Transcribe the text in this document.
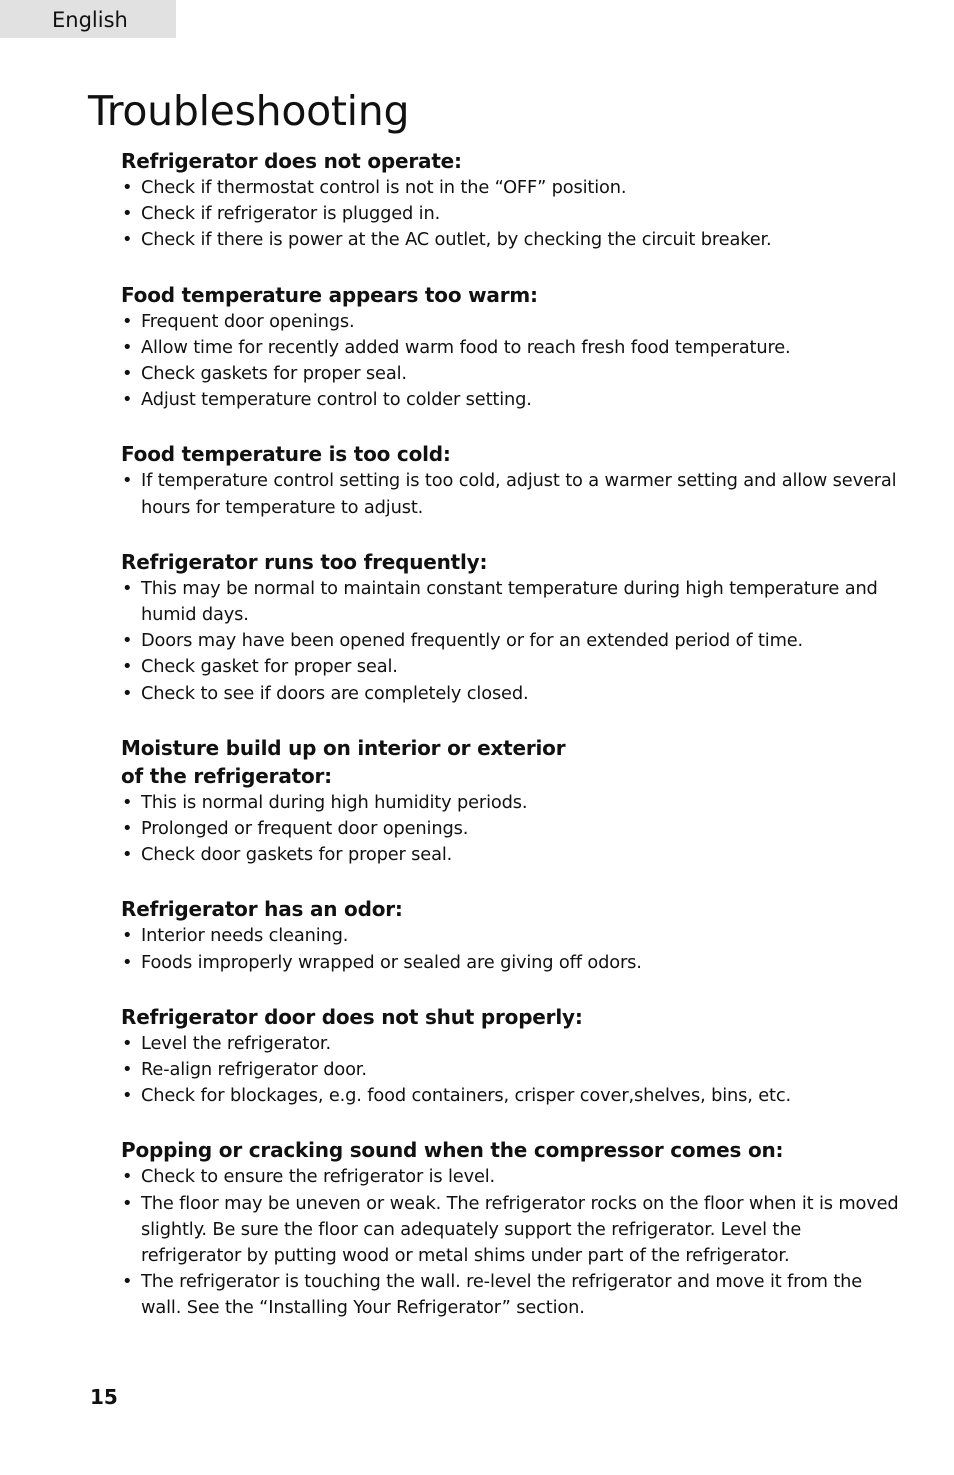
English
Troubleshooting
Refrigerator does not operate:
• Check if thermostat control is not in the “OFF” position.
• Check if refrigerator is plugged in.
• Check if there is power at the AC outlet, by checking the circuit breaker.
Food temperature appears too warm:
• Frequent door openings.
• Allow time for recently added warm food to reach fresh food temperature.
• Check gaskets for proper seal.
• Adjust temperature control to colder setting.
Food temperature is too cold:
• If temperature control setting is too cold, adjust to a warmer setting and allow several hours for temperature to adjust.
Refrigerator runs too frequently:
• This may be normal to maintain constant temperature during high temperature and humid days.
• Doors may have been opened frequently or for an extended period of time.
• Check gasket for proper seal.
• Check to see if doors are completely closed.
Moisture build up on interior or exterior
of the refrigerator:
• This is normal during high humidity periods.
• Prolonged or frequent door openings.
• Check door gaskets for proper seal.
Refrigerator has an odor:
• Interior needs cleaning.
• Foods improperly wrapped or sealed are giving off odors.
Refrigerator door does not shut properly:
• Level the refrigerator.
• Re-align refrigerator door.
• Check for blockages, e.g. food containers, crisper cover,shelves, bins, etc.
Popping or cracking sound when the compressor comes on:
• Check to ensure the refrigerator is level.
• The floor may be uneven or weak. The refrigerator rocks on the floor when it is moved slightly. Be sure the floor can adequately support the refrigerator. Level the refrigerator by putting wood or metal shims under part of the refrigerator.
• The refrigerator is touching the wall. re-level the refrigerator and move it from the wall. See the “Installing Your Refrigerator” section.
15
